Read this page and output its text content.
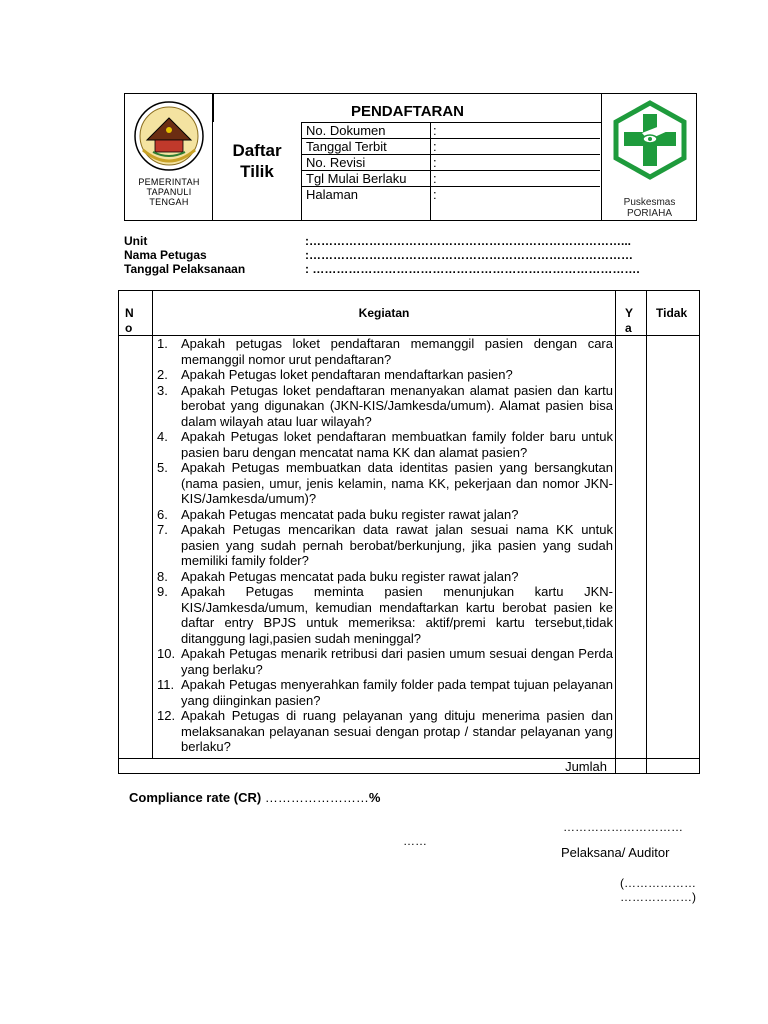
PEMERINTAH
TAPANULI
TENGAH
Daftar
Tilik
PENDAFTARAN
No. Dokumen	:
Tanggal Terbit	:
No. Revisi	:
Tgl Mulai Berlaku :
Halaman	:
Puskesmas
PORIAHA
Unit	:……………………………………………………………………...
Nama Petugas	:………………………………………………………………………
Tanggal Pelaksanaan	: ……………………………………………………………………….
N
o
Kegiatan	Y
a
Tidak
1. Apakah petugas loket pendaftaran memanggil pasien dengan cara memanggil nomor urut pendaftaran?
2. Apakah Petugas loket pendaftaran mendaftarkan pasien?
3. Apakah Petugas loket pendaftaran menanyakan alamat pasien dan kartu berobat yang digunakan (JKN-KIS/Jamkesda/umum). Alamat pasien bisa dalam wilayah atau luar wilayah?
4. Apakah Petugas loket pendaftaran membuatkan family folder baru untuk pasien baru dengan mencatat nama KK dan alamat pasien?
5. Apakah Petugas membuatkan data identitas pasien yang bersangkutan (nama pasien, umur, jenis kelamin, nama KK, pekerjaan dan nomor JKN-KIS/Jamkesda/umum)?
6. Apakah Petugas mencatat pada buku register rawat jalan?
7. Apakah Petugas mencarikan data rawat jalan sesuai nama KK untuk pasien yang sudah pernah berobat/berkunjung, jika pasien yang sudah memiliki family folder?
8. Apakah Petugas mencatat pada buku register rawat jalan?
9. Apakah Petugas meminta pasien menunjukan kartu JKN-KIS/Jamkesda/umum, kemudian mendaftarkan kartu berobat pasien ke daftar entry BPJS untuk memeriksa: aktif/premi kartu tersebut,tidak ditanggung lagi,pasien sudah meninggal?
10. Apakah Petugas menarik retribusi dari pasien umum sesuai dengan Perda yang berlaku?
11. Apakah Petugas menyerahkan family folder pada tempat tujuan pelayanan yang diinginkan pasien?
12. Apakah Petugas di ruang pelayanan yang dituju menerima pasien dan melaksanakan pelayanan sesuai dengan protap / standar pelayanan yang berlaku?
Jumlah
Compliance rate (CR) ……………………%
…………………………
……
Pelaksana/ Auditor
(………………
………………)
